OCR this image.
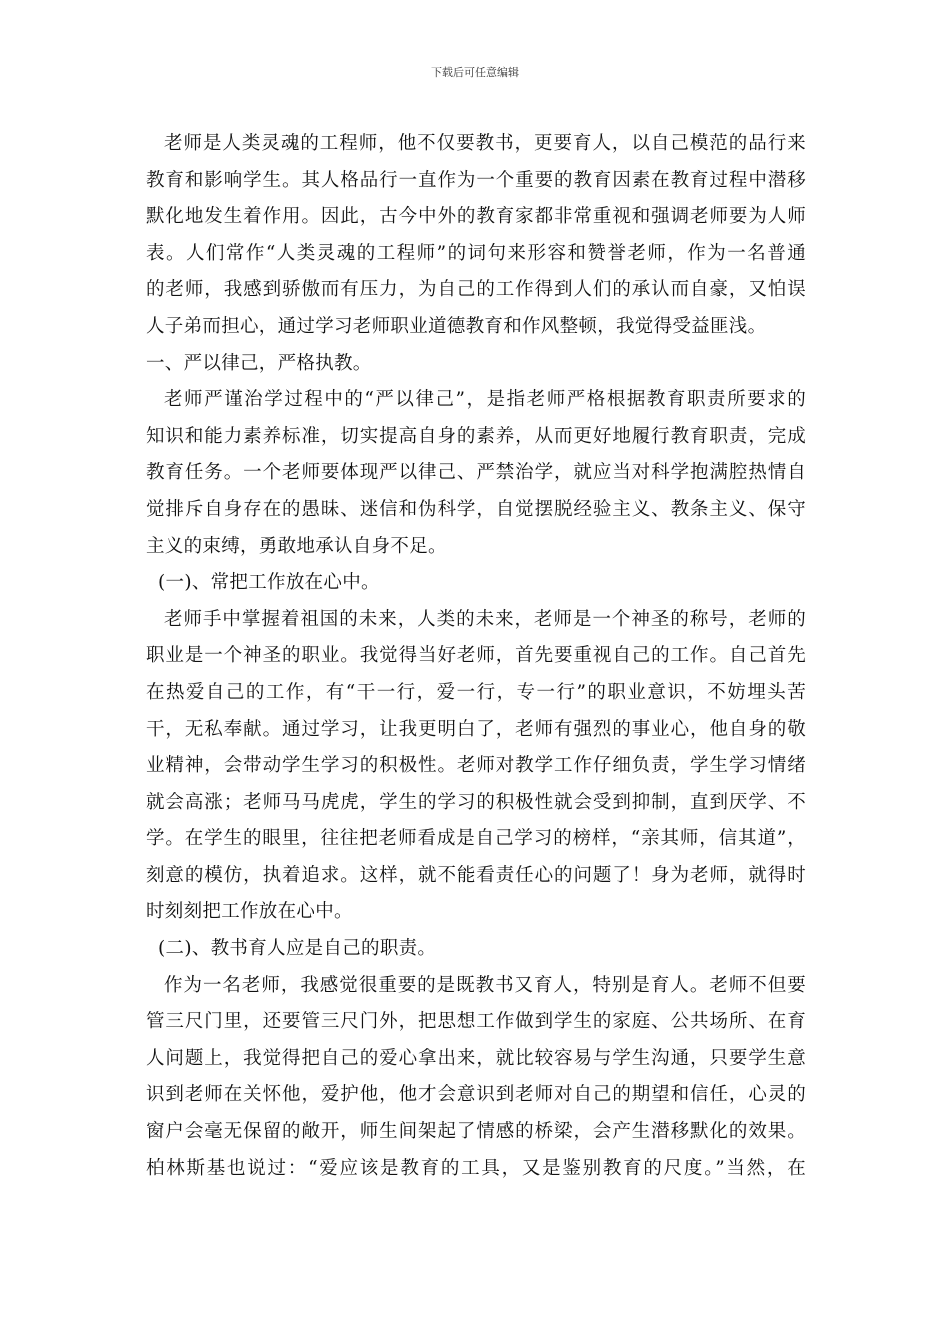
下载后可任意编辑
老师是人类灵魂的工程师，他不仅要教书，更要育人，以自己模范的品行来
教育和影响学生。其人格品行一直作为一个重要的教育因素在教育过程中潜移
默化地发生着作用。因此，古今中外的教育家都非常重视和强调老师要为人师
表。人们常作“人类灵魂的工程师”的词句来形容和赞誉老师，作为一名普通
的老师，我感到骄傲而有压力，为自己的工作得到人们的承认而自豪，又怕误
人子弟而担心，通过学习老师职业道德教育和作风整顿，我觉得受益匪浅。
一、严以律己，严格执教。
老师严谨治学过程中的“严以律己”，是指老师严格根据教育职责所要求的
知识和能力素养标准，切实提高自身的素养，从而更好地履行教育职责，完成
教育任务。一个老师要体现严以律己、严禁治学，就应当对科学抱满腔热情自
觉排斥自身存在的愚昧、迷信和伪科学，自觉摆脱经验主义、教条主义、保守
主义的束缚，勇敢地承认自身不足。
(一)、常把工作放在心中。
老师手中掌握着祖国的未来，人类的未来，老师是一个神圣的称号，老师的
职业是一个神圣的职业。我觉得当好老师，首先要重视自己的工作。自己首先
在热爱自己的工作，有“干一行，爱一行，专一行”的职业意识，不妨埋头苦
干，无私奉献。通过学习，让我更明白了，老师有强烈的事业心，他自身的敬
业精神，会带动学生学习的积极性。老师对教学工作仔细负责，学生学习情绪
就会高涨；老师马马虎虎，学生的学习的积极性就会受到抑制，直到厌学、不
学。在学生的眼里，往往把老师看成是自己学习的榜样，“亲其师，信其道”，
刻意的模仿，执着追求。这样，就不能看责任心的问题了！身为老师，就得时
时刻刻把工作放在心中。
(二)、教书育人应是自己的职责。
作为一名老师，我感觉很重要的是既教书又育人，特别是育人。老师不但要
管三尺门里，还要管三尺门外，把思想工作做到学生的家庭、公共场所、在育
人问题上，我觉得把自己的爱心拿出来，就比较容易与学生沟通，只要学生意
识到老师在关怀他，爱护他，他才会意识到老师对自己的期望和信任，心灵的
窗户会毫无保留的敞开，师生间架起了情感的桥梁，会产生潜移默化的效果。
柏林斯基也说过：“爱应该是教育的工具，又是鉴别教育的尺度。”当然，在
